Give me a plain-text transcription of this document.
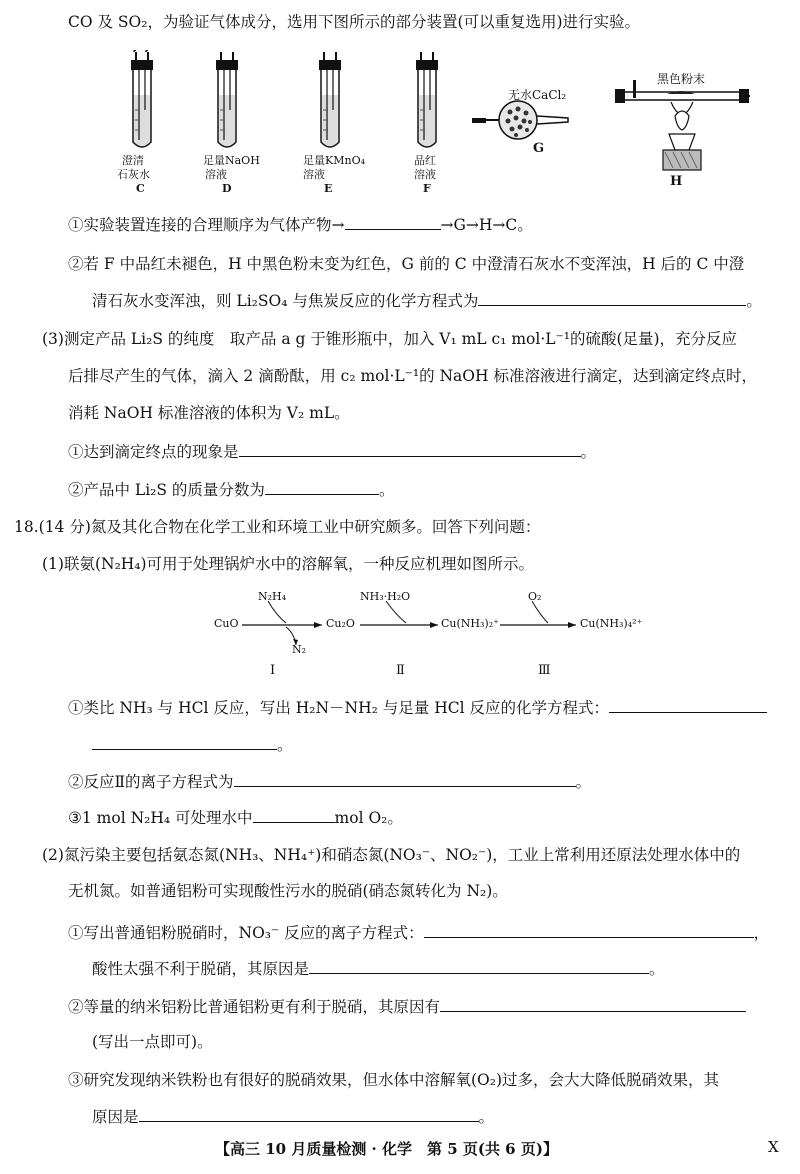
CO 及 SO₂，为验证气体成分，选用下图所示的部分装置(可以重复选用)进行实验。
澄清
石灰水
C
足量NaOH
溶液
D
足量KMnO₄
溶液
E
品红
溶液
F
无水CaCl₂
G
黑色粉末
H
①实验装置连接的合理顺序为气体产物→	→G→H→C。
②若 F 中品红未褪色，H 中黑色粉末变为红色，G 前的 C 中澄清石灰水不变浑浊，H 后的 C 中澄
清石灰水变浑浊，则 Li₂SO₄ 与焦炭反应的化学方程式为	。
(3)测定产品 Li₂S 的纯度　取产品 a g 于锥形瓶中，加入 V₁ mL c₁ mol·L⁻¹的硫酸(足量)，充分反应
后排尽产生的气体，滴入 2 滴酚酞，用 c₂ mol·L⁻¹的 NaOH 标准溶液进行滴定，达到滴定终点时，
消耗 NaOH 标准溶液的体积为 V₂ mL。
①达到滴定终点的现象是	。
②产品中 Li₂S 的质量分数为	。
18.(14 分)氮及其化合物在化学工业和环境工业中研究颇多。回答下列问题：
(1)联氨(N₂H₄)可用于处理锅炉水中的溶解氧，一种反应机理如图所示。
CuO	Cu₂O	Cu(NH₃)₂⁺	Cu(NH₃)₄²⁺
N₂H₄
N₂
NH₃·H₂O	O₂
Ⅰ	Ⅱ	Ⅲ
①类比 NH₃ 与 HCl 反应，写出 H₂N－NH₂ 与足量 HCl 反应的化学方程式：
。
②反应Ⅱ的离子方程式为	。
③1 mol N₂H₄ 可处理水中	mol O₂。
(2)氮污染主要包括氨态氮(NH₃、NH₄⁺)和硝态氮(NO₃⁻、NO₂⁻)，工业上常利用还原法处理水体中的
无机氮。如普通铝粉可实现酸性污水的脱硝(硝态氮转化为 N₂)。
①写出普通铝粉脱硝时，NO₃⁻ 反应的离子方程式：	，
酸性太强不利于脱硝，其原因是	。
②等量的纳米铝粉比普通铝粉更有利于脱硝，其原因有
(写出一点即可)。
③研究发现纳米铁粉也有很好的脱硝效果，但水体中溶解氧(O₂)过多，会大大降低脱硝效果，其
原因是	。
【高三 10 月质量检测 · 化学　第 5 页(共 6 页)】	X
